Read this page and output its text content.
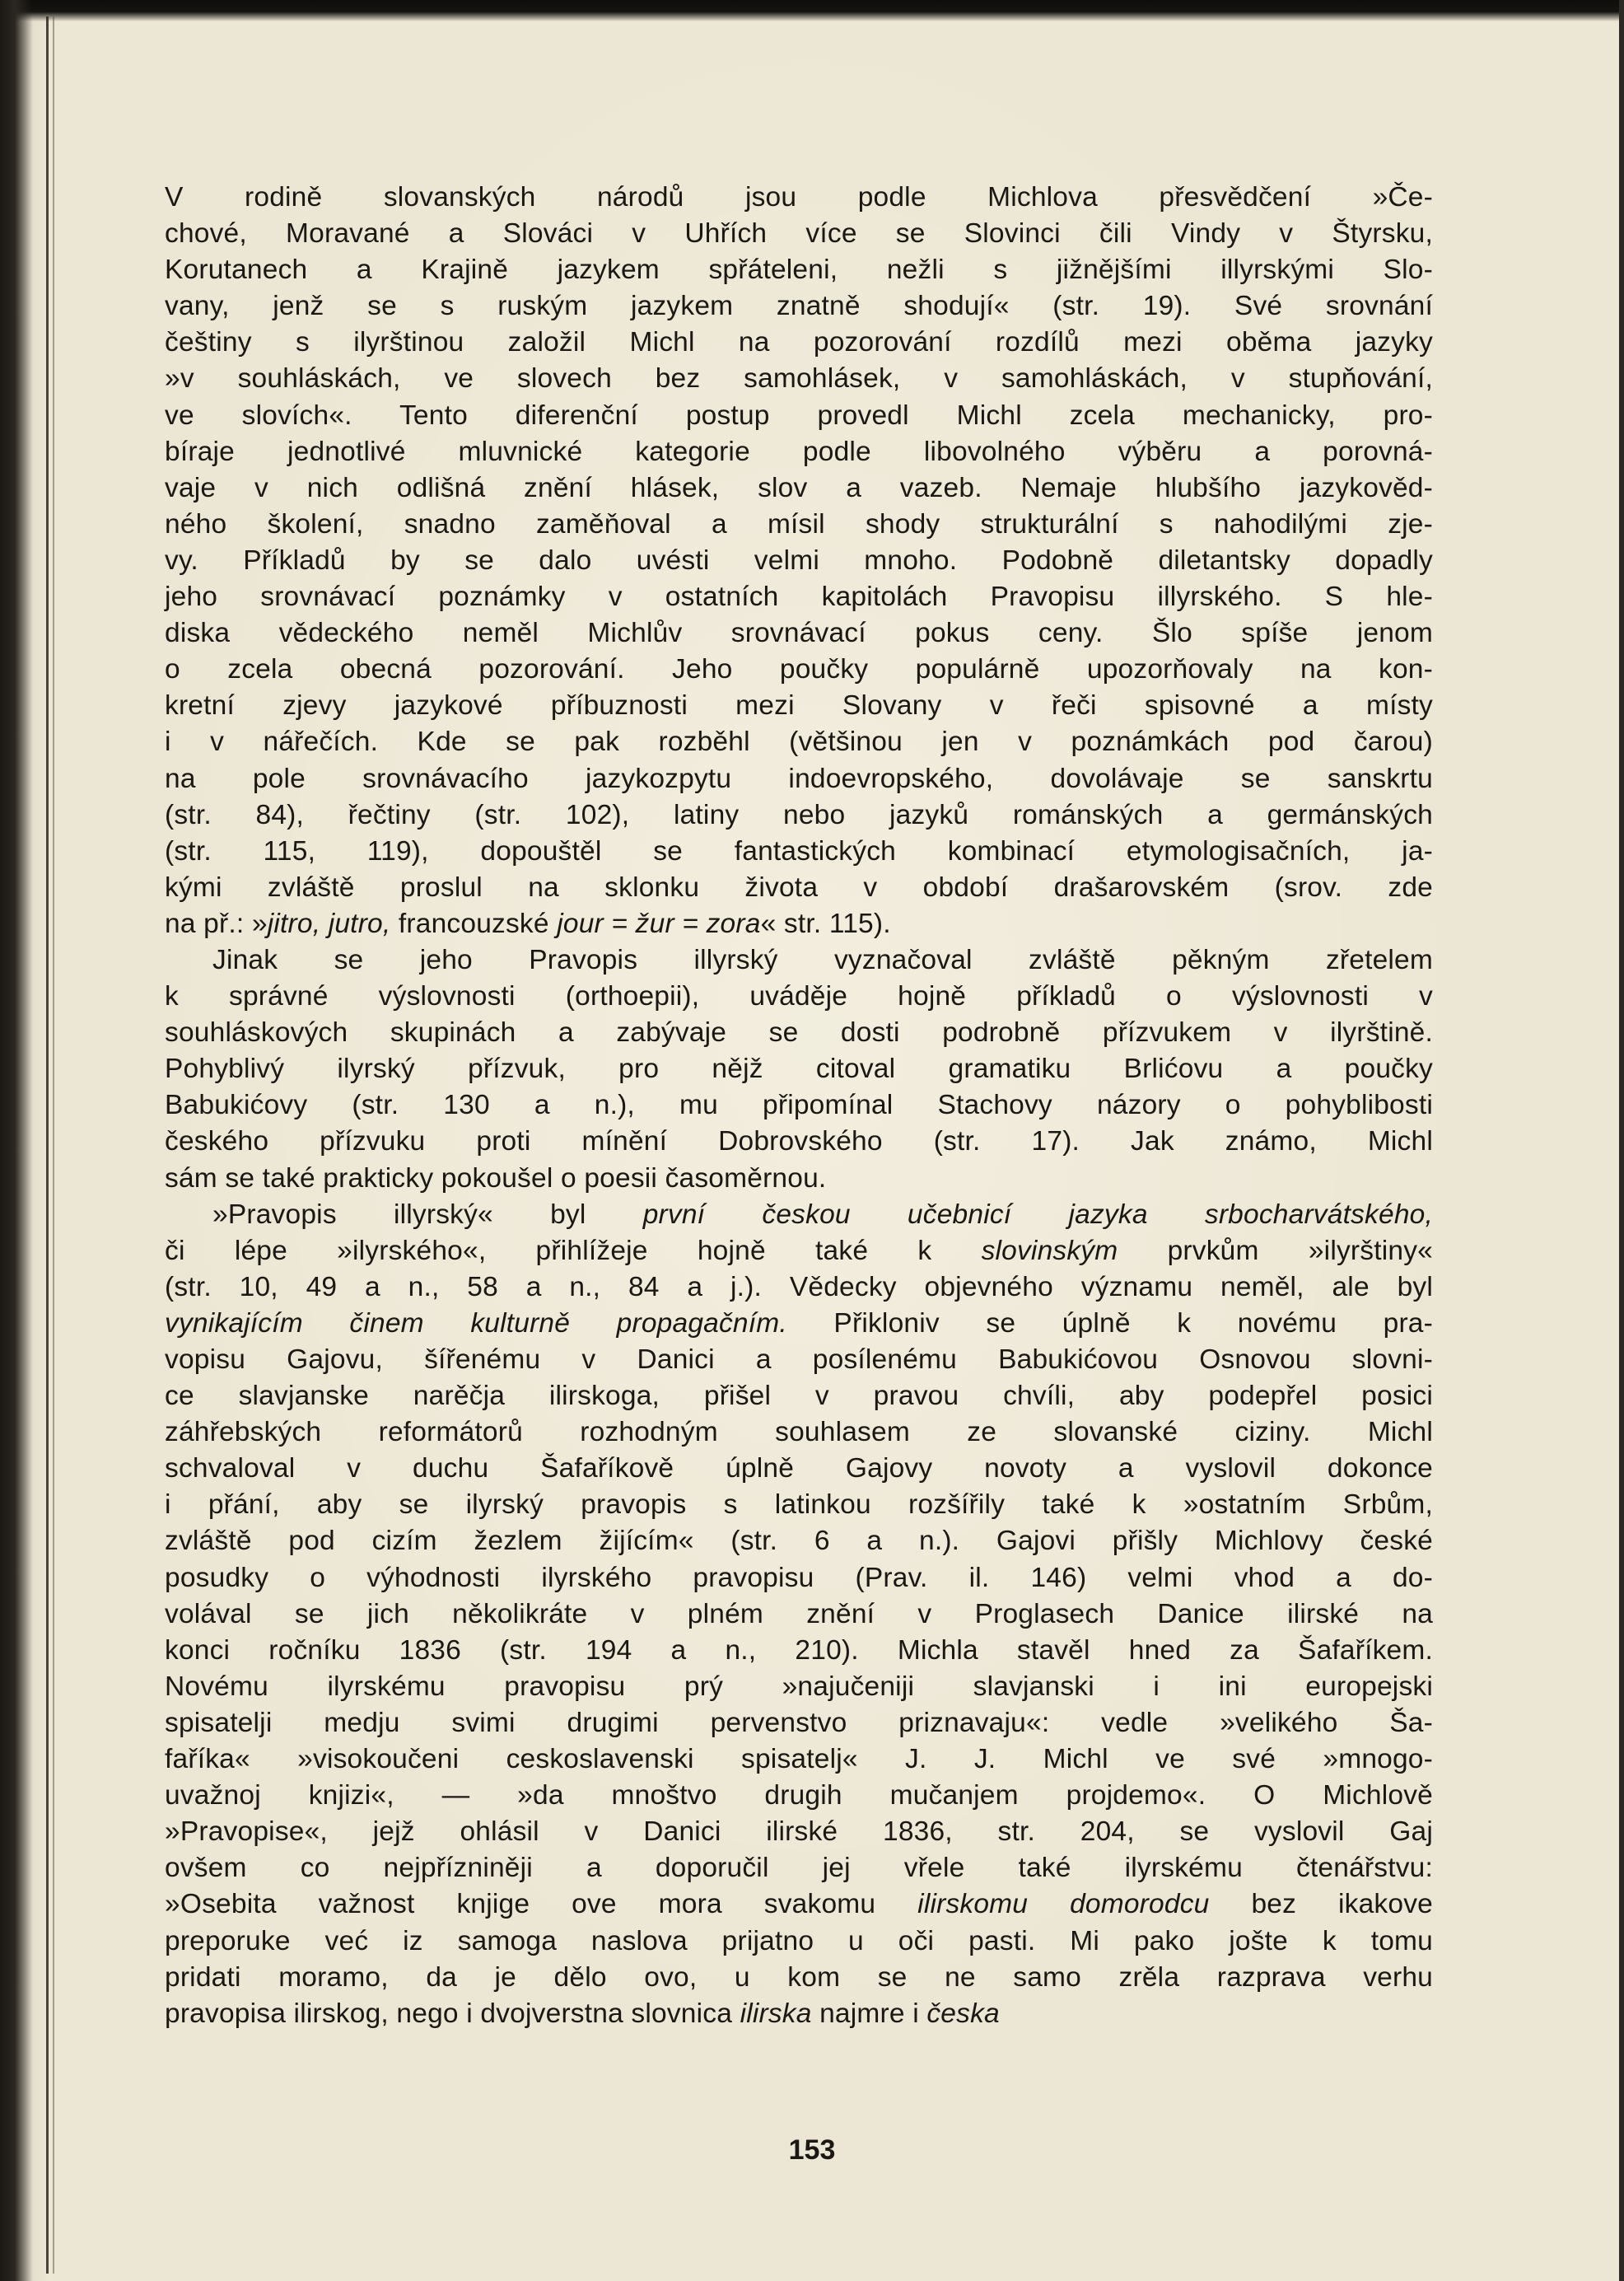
V rodině slovanských národů jsou podle Michlova přesvědčení »Če-
chové, Moravané a Slováci v Uhřích více se Slovinci čili Vindy v Štyrsku,
Korutanech a Krajině jazykem spřáteleni, nežli s jižnějšími illyrskými Slo-
vany, jenž se s ruským jazykem znatně shodují« (str. 19). Své srovnání
češtiny s ilyrštinou založil Michl na pozorování rozdílů mezi oběma jazyky
»v souhláskách, ve slovech bez samohlásek, v samohláskách, v stupňování,
ve slovích«. Tento diferenční postup provedl Michl zcela mechanicky, pro-
bíraje jednotlivé mluvnické kategorie podle libovolného výběru a porovná-
vaje v nich odlišná znění hlásek, slov a vazeb. Nemaje hlubšího jazykověd-
ného školení, snadno zaměňoval a mísil shody strukturální s nahodilými zje-
vy. Příkladů by se dalo uvésti velmi mnoho. Podobně diletantsky dopadly
jeho srovnávací poznámky v ostatních kapitolách Pravopisu illyrského. S hle-
diska vědeckého neměl Michlův srovnávací pokus ceny. Šlo spíše jenom
o zcela obecná pozorování. Jeho poučky populárně upozorňovaly na kon-
kretní zjevy jazykové příbuznosti mezi Slovany v řeči spisovné a místy
i v nářečích. Kde se pak rozběhl (většinou jen v poznámkách pod čarou)
na pole srovnávacího jazykozpytu indoevropského, dovolávaje se sanskrtu
(str. 84), řečtiny (str. 102), latiny nebo jazyků románských a germánských
(str. 115, 119), dopouštěl se fantastických kombinací etymologisačních, ja-
kými zvláště proslul na sklonku života v období drašarovském (srov. zde
na př.: »jitro, jutro, francouzské jour = žur = zora« str. 115).
Jinak se jeho Pravopis illyrský vyznačoval zvláště pěkným zřetelem
k správné výslovnosti (orthoepii), uváděje hojně příkladů o výslovnosti v
souhláskových skupinách a zabývaje se dosti podrobně přízvukem v ilyrštině.
Pohyblivý ilyrský přízvuk, pro nějž citoval gramatiku Brlićovu a poučky
Babukićovy (str. 130 a n.), mu připomínal Stachovy názory o pohyblibosti
českého přízvuku proti mínění Dobrovského (str. 17). Jak známo, Michl
sám se také prakticky pokoušel o poesii časoměrnou.
»Pravopis illyrský« byl první českou učebnicí jazyka srbocharvátského,
či lépe »ilyrského«, přihlížeje hojně také k slovinským prvkům »ilyrštiny«
(str. 10, 49 a n., 58 a n., 84 a j.). Vědecky objevného významu neměl, ale byl
vynikajícím činem kulturně propagačním. Přikloniv se úplně k novému pra-
vopisu Gajovu, šířenému v Danici a posílenému Babukićovou Osnovou slovni-
ce slavjanske narěčja ilirskoga, přišel v pravou chvíli, aby podepřel posici
záhřebských reformátorů rozhodným souhlasem ze slovanské ciziny. Michl
schvaloval v duchu Šafaříkově úplně Gajovy novoty a vyslovil dokonce
i přání, aby se ilyrský pravopis s latinkou rozšířily také k »ostatním Srbům,
zvláště pod cizím žezlem žijícím« (str. 6 a n.). Gajovi přišly Michlovy české
posudky o výhodnosti ilyrského pravopisu (Prav. il. 146) velmi vhod a do-
volával se jich několikráte v plném znění v Proglasech Danice ilirské na
konci ročníku 1836 (str. 194 a n., 210). Michla stavěl hned za Šafaříkem.
Novému ilyrskému pravopisu prý »najučeniji slavjanski i ini europejski
spisatelji medju svimi drugimi pervenstvo priznavaju«: vedle »velikého Ša-
faříka« »visokoučeni ceskoslavenski spisatelj« J. J. Michl ve své »mnogo-
uvažnoj knjizi«, — »da mnoštvo drugih mučanjem projdemo«. O Michlově
»Pravopise«, jejž ohlásil v Danici ilirské 1836, str. 204, se vyslovil Gaj
ovšem co nejpřízniněji a doporučil jej vřele také ilyrskému čtenářstvu:
»Osebita važnost knjige ove mora svakomu ilirskomu domorodcu bez ikakove
preporuke već iz samoga naslova prijatno u oči pasti. Mi pako jošte k tomu
pridati moramo, da je dělo ovo, u kom se ne samo zrěla razprava verhu
pravopisa ilirskog, nego i dvojverstna slovnica ilirska najmre i česka
153
